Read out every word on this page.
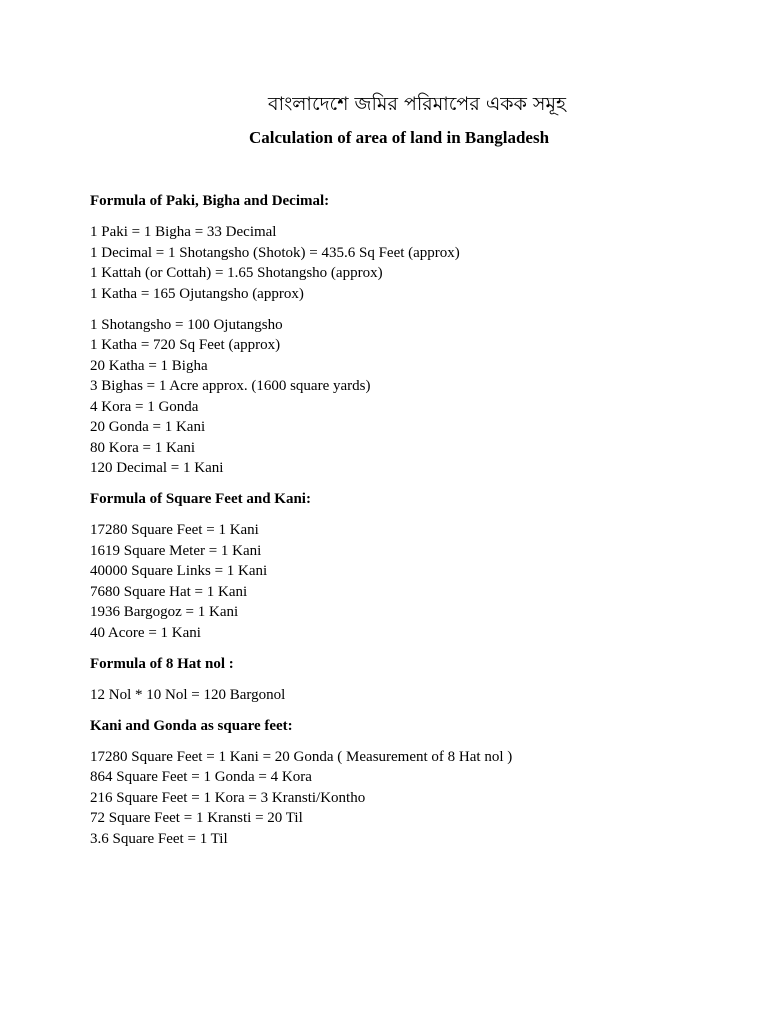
বাংলাদেশে জমির পরিমাপের একক সমূহ
Calculation of area of land in Bangladesh
Formula of Paki, Bigha and Decimal:
1 Paki = 1 Bigha = 33 Decimal
1 Decimal = 1 Shotangsho (Shotok) = 435.6 Sq Feet (approx)
1 Kattah (or Cottah) = 1.65 Shotangsho (approx)
1 Katha = 165 Ojutangsho (approx)
1 Shotangsho = 100 Ojutangsho
1 Katha = 720 Sq Feet (approx)
20 Katha = 1 Bigha
3 Bighas = 1 Acre approx. (1600 square yards)
4 Kora = 1 Gonda
20 Gonda = 1 Kani
80 Kora = 1 Kani
120 Decimal = 1 Kani
Formula of Square Feet and Kani:
17280 Square Feet = 1 Kani
1619 Square Meter = 1 Kani
40000 Square Links = 1 Kani
7680 Square Hat = 1 Kani
1936 Bargogoz = 1 Kani
40 Acore = 1 Kani
Formula of 8 Hat nol :
12 Nol * 10 Nol = 120 Bargonol
Kani and Gonda as square feet:
17280 Square Feet = 1 Kani = 20 Gonda ( Measurement of 8 Hat nol )
864 Square Feet = 1 Gonda = 4 Kora
216 Square Feet = 1 Kora = 3 Kransti/Kontho
72 Square Feet = 1 Kransti = 20 Til
3.6 Square Feet = 1 Til
